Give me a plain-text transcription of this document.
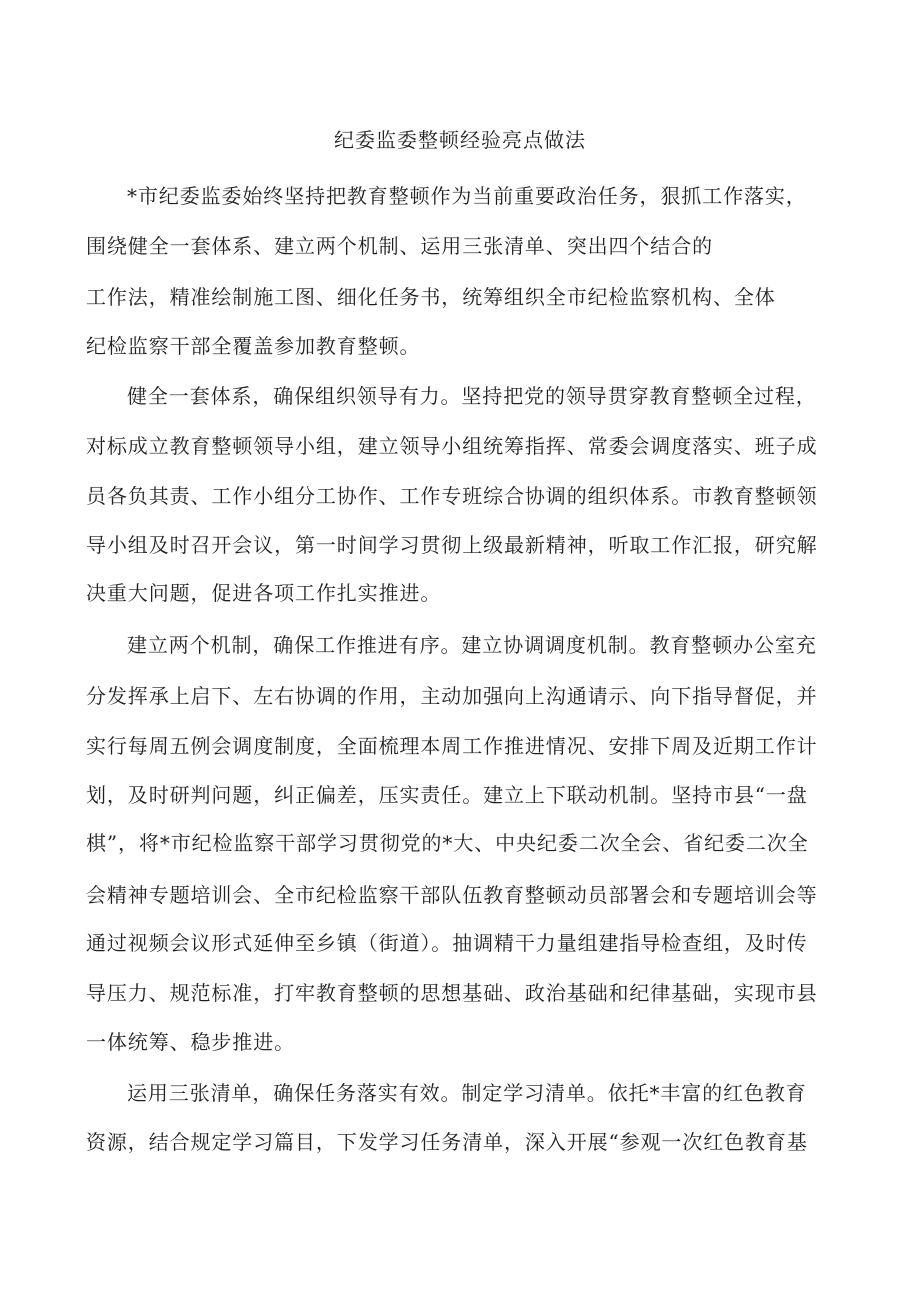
纪委监委整顿经验亮点做法
*市纪委监委始终坚持把教育整顿作为当前重要政治任务，狠抓工作落实，
围绕健全一套体系、建立两个机制、运用三张清单、突出四个结合的
工作法，精准绘制施工图、细化任务书，统筹组织全市纪检监察机构、全体
纪检监察干部全覆盖参加教育整顿。
健全一套体系，确保组织领导有力。坚持把党的领导贯穿教育整顿全过程，
对标成立教育整顿领导小组，建立领导小组统筹指挥、常委会调度落实、班子成
员各负其责、工作小组分工协作、工作专班综合协调的组织体系。市教育整顿领
导小组及时召开会议，第一时间学习贯彻上级最新精神，听取工作汇报，研究解
决重大问题，促进各项工作扎实推进。
建立两个机制，确保工作推进有序。建立协调调度机制。教育整顿办公室充
分发挥承上启下、左右协调的作用，主动加强向上沟通请示、向下指导督促，并
实行每周五例会调度制度，全面梳理本周工作推进情况、安排下周及近期工作计
划，及时研判问题，纠正偏差，压实责任。建立上下联动机制。坚持市县“一盘
棋”，将*市纪检监察干部学习贯彻党的*大、中央纪委二次全会、省纪委二次全
会精神专题培训会、全市纪检监察干部队伍教育整顿动员部署会和专题培训会等
通过视频会议形式延伸至乡镇（街道）。抽调精干力量组建指导检查组，及时传
导压力、规范标准，打牢教育整顿的思想基础、政治基础和纪律基础，实现市县
一体统筹、稳步推进。
运用三张清单，确保任务落实有效。制定学习清单。依托*丰富的红色教育
资源，结合规定学习篇目，下发学习任务清单，深入开展“参观一次红色教育基
